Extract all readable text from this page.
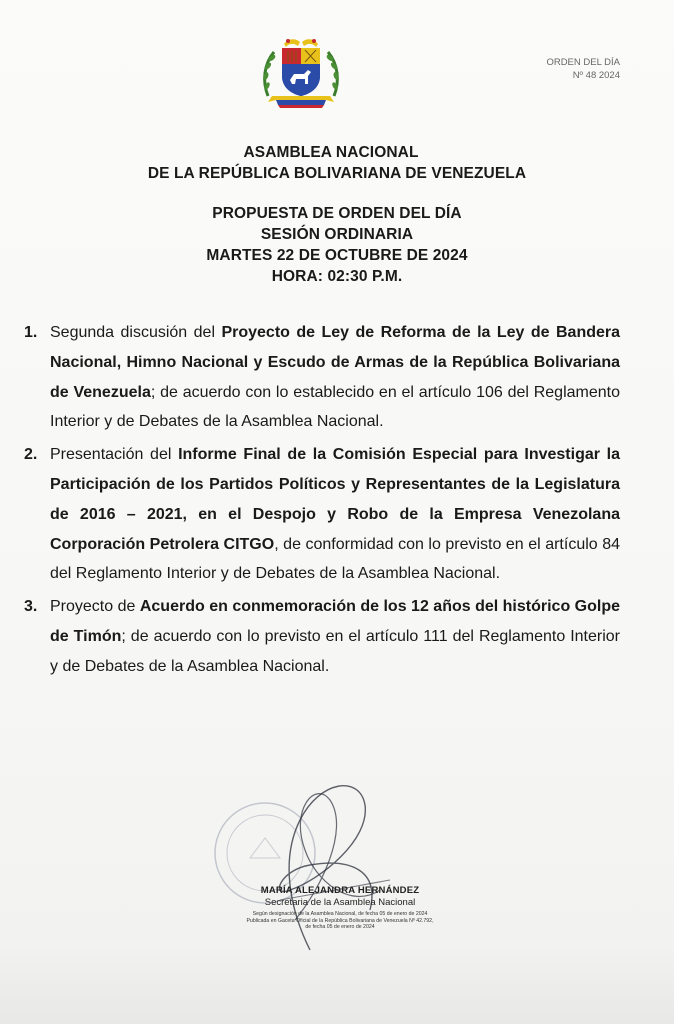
ORDEN DEL DÍA
Nº 48 2024
ASAMBLEA NACIONAL
DE LA REPÚBLICA BOLIVARIANA DE VENEZUELA
PROPUESTA DE ORDEN DEL DÍA
SESIÓN ORDINARIA
MARTES 22 DE OCTUBRE DE 2024
HORA: 02:30 P.M.
1. Segunda discusión del Proyecto de Ley de Reforma de la Ley de Bandera Nacional, Himno Nacional y Escudo de Armas de la República Bolivariana de Venezuela; de acuerdo con lo establecido en el artículo 106 del Reglamento Interior y de Debates de la Asamblea Nacional.
2. Presentación del Informe Final de la Comisión Especial para Investigar la Participación de los Partidos Políticos y Representantes de la Legislatura de 2016 – 2021, en el Despojo y Robo de la Empresa Venezolana Corporación Petrolera CITGO, de conformidad con lo previsto en el artículo 84 del Reglamento Interior y de Debates de la Asamblea Nacional.
3. Proyecto de Acuerdo en conmemoración de los 12 años del histórico Golpe de Timón; de acuerdo con lo previsto en el artículo 111 del Reglamento Interior y de Debates de la Asamblea Nacional.
MARÍA ALEJANDRA HERNÁNDEZ
Secretaria de la Asamblea Nacional
Según designación de la Asamblea Nacional, de fecha 05 de enero de 2024
Publicada en Gaceta Oficial de la República Bolivariana de Venezuela Nº 42.792,
de fecha 05 de enero de 2024
